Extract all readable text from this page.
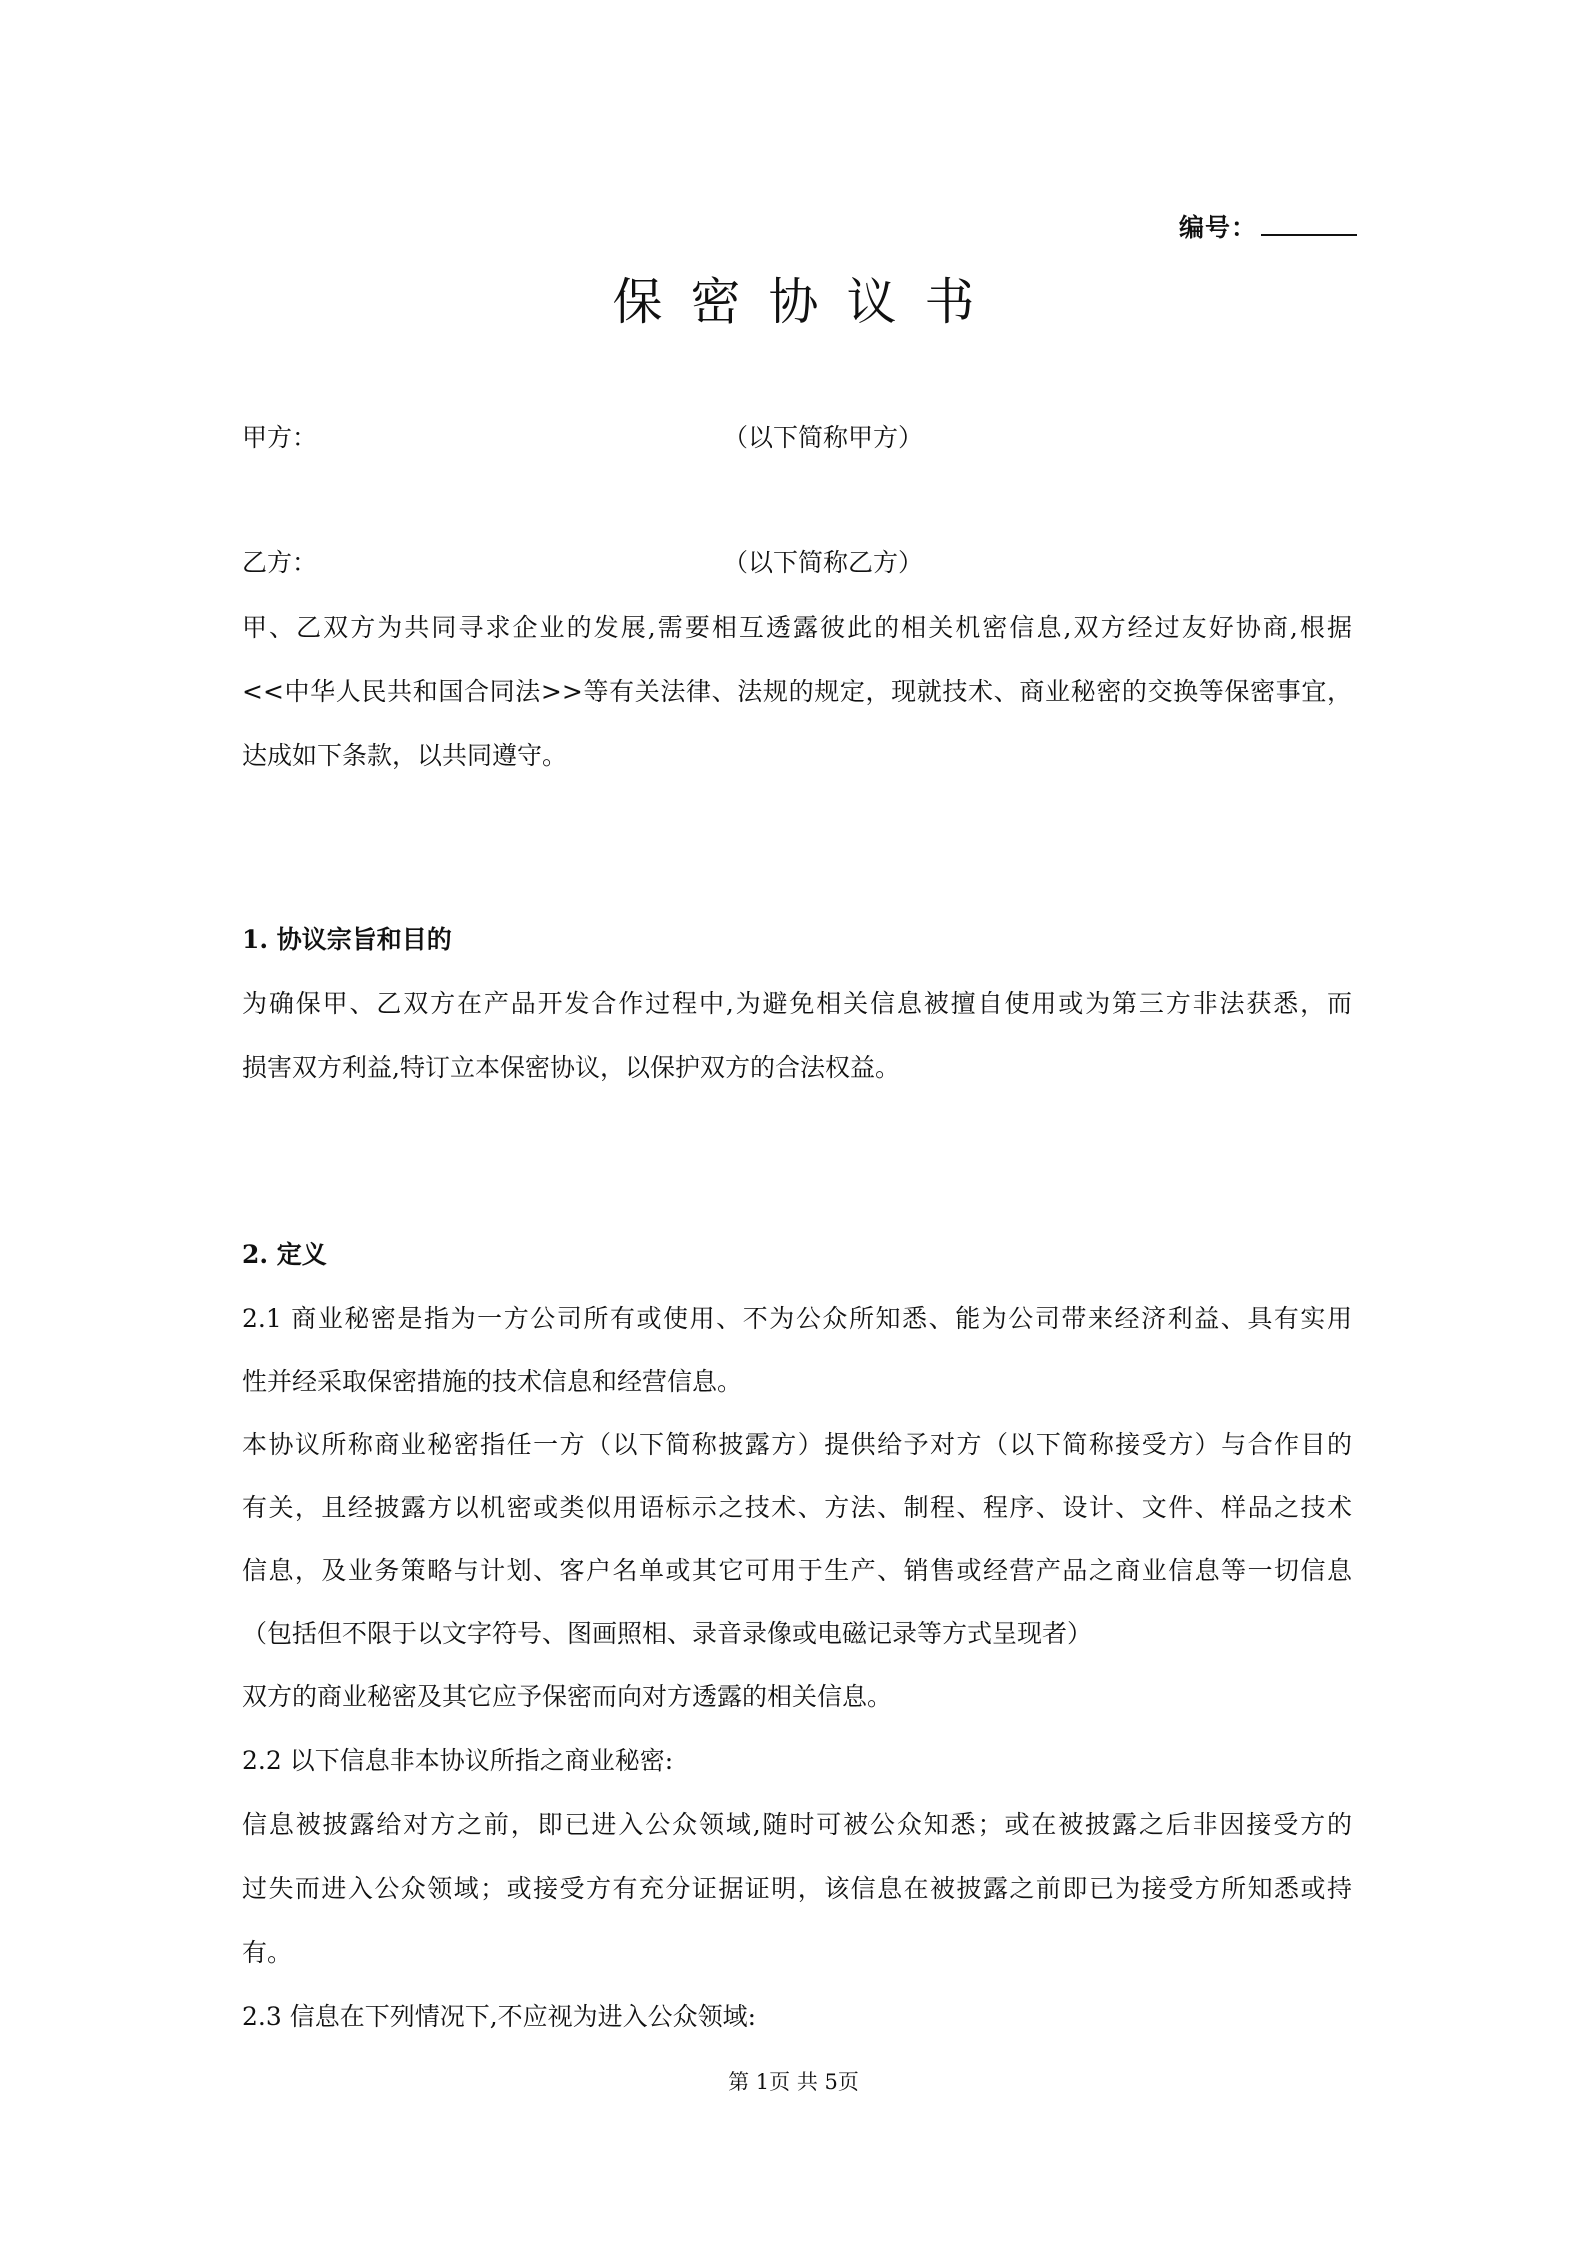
编号：
保密协议书
甲方：	（以下简称甲方）
乙方：	（以下简称乙方）
甲、乙双方为共同寻求企业的发展,需要相互透露彼此的相关机密信息,双方经过友好协商,根据
<<中华人民共和国合同法>>等有关法律、法规的规定，现就技术、商业秘密的交换等保密事宜，
达成如下条款，以共同遵守。
1. 协议宗旨和目的
为确保甲、乙双方在产品开发合作过程中,为避免相关信息被擅自使用或为第三方非法获悉，而
损害双方利益,特订立本保密协议，以保护双方的合法权益。
2. 定义
2.1 商业秘密是指为一方公司所有或使用、不为公众所知悉、能为公司带来经济利益、具有实用
性并经采取保密措施的技术信息和经营信息。
本协议所称商业秘密指任一方（以下简称披露方）提供给予对方（以下简称接受方）与合作目的
有关，且经披露方以机密或类似用语标示之技术、方法、制程、程序、设计、文件、样品之技术
信息，及业务策略与计划、客户名单或其它可用于生产、销售或经营产品之商业信息等一切信息
（包括但不限于以文字符号、图画照相、录音录像或电磁记录等方式呈现者）
双方的商业秘密及其它应予保密而向对方透露的相关信息。
2.2 以下信息非本协议所指之商业秘密:
信息被披露给对方之前，即已进入公众领域,随时可被公众知悉；或在被披露之后非因接受方的
过失而进入公众领域；或接受方有充分证据证明，该信息在被披露之前即已为接受方所知悉或持
有。
2.3 信息在下列情况下,不应视为进入公众领域:
第 1页 共 5页
